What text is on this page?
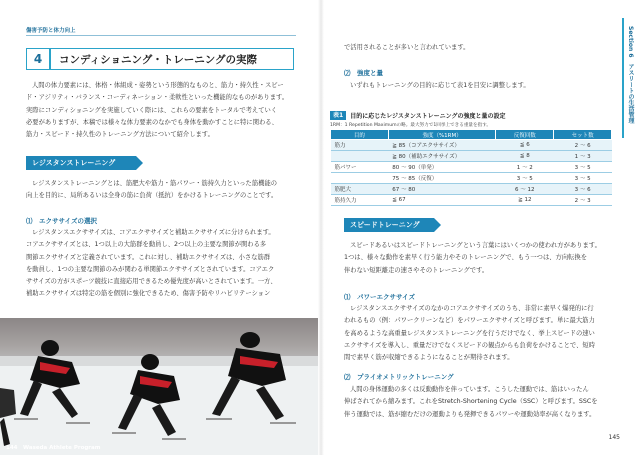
傷害予防と体力向上
4	コンディショニング・トレーニングの実際
人間の体力要素には、体格・体組成・姿勢という形態的なものと、筋力・持久性・スピー
ド・アジリティ・バランス・コーディネーション・柔軟性といった機能的なものがあります。
実際にコンディショニングを実施していく際には、これらの要素をトータルで考えていく
必要がありますが、本稿では様々な体力要素のなかでも身体を動かすことに特に関わる、
筋力・スピード・持久性のトレーニング方法について紹介します。
レジスタンストレーニング
レジスタンストレーニングとは、筋肥大や筋力・筋パワー・筋持久力といった筋機能の
向上を目的に、局所あるいは全身の筋に負荷（抵抗）をかけるトレーニングのことです。
⑴　エクササイズの選択
レジスタンスエクササイズは、コアエクササイズと補助エクササイズに分けられます。
コアエクササイズとは、1つ以上の大筋群を動員し、2つ以上の主要な関節が関わる多
関節エクササイズと定義されています。これに対し、補助エクササイズは、小さな筋群
を動員し、1つの主要な関節のみが関わる単関節エクササイズとされています。コアエク
ササイズの方がスポーツ競技に直接応用できるため優先度が高いとされています。一方、
補助エクササイズは特定の筋を個別に強化できるため、傷害予防やリハビリテーション
144　Waseda Athlete Program
で活用されることが多いと言われています。
⑵　強度と量
いずれもトレーニングの目的に応じて表1を目安に調整します。
表1	目的に応じたレジスタンストレーニングの強度と量の設定
1RM：1 Repetition Maximumの略。最大努力で1回挙上できる重量を指す。
目的	強度（%1RM）	反復回数	セット数
筋力	≧ 85（コアエクササイズ）	≦ 6	2 ～ 6
	≧ 80（補助エクササイズ）	≦ 8	1 ～ 3
筋パワー	80 ～ 90（単発）	1 ～ 2	3 ～ 5
	75 ～ 85（反復）	3 ～ 5	3 ～ 5
筋肥大	67 ～ 80	6 ～ 12	3 ～ 6
筋持久力	≦ 67	≧ 12	2 ～ 3
スピードトレーニング
スピードあるいはスピードトレーニングという言葉にはいくつかの使われ方があります。
1つは、様々な動作を素早く行う能力やそのトレーニングで、もう一つは、方向転換を
伴わない短距離走の速さやそのトレーニングです。
⑴　パワーエクササイズ
レジスタンスエクササイズのなかのコアエクササイズのうち、非常に素早く爆発的に行
われるもの（例：パワークリーンなど）をパワーエクササイズと呼びます。単に最大筋力
を高めるような高重量レジスタンストレーニングを行うだけでなく、挙上スピードの速い
エクササイズを導入し、重量だけでなくスピードの観点からも負荷をかけることで、短時
間で素早く筋が収縮できるようになることが期待されます。
⑵　プライオメトリックトレーニング
人間の身体運動の多くは反動動作を伴っています。こうした運動では、筋はいったん
伸ばされてから縮みます。これをStretch-Shortening Cycle（SSC）と呼びます。SSCを
伴う運動では、筋が縮むだけの運動よりも発揮できるパワーや運動効率が高くなります。
Section 6　アスリートの生活管理
145
